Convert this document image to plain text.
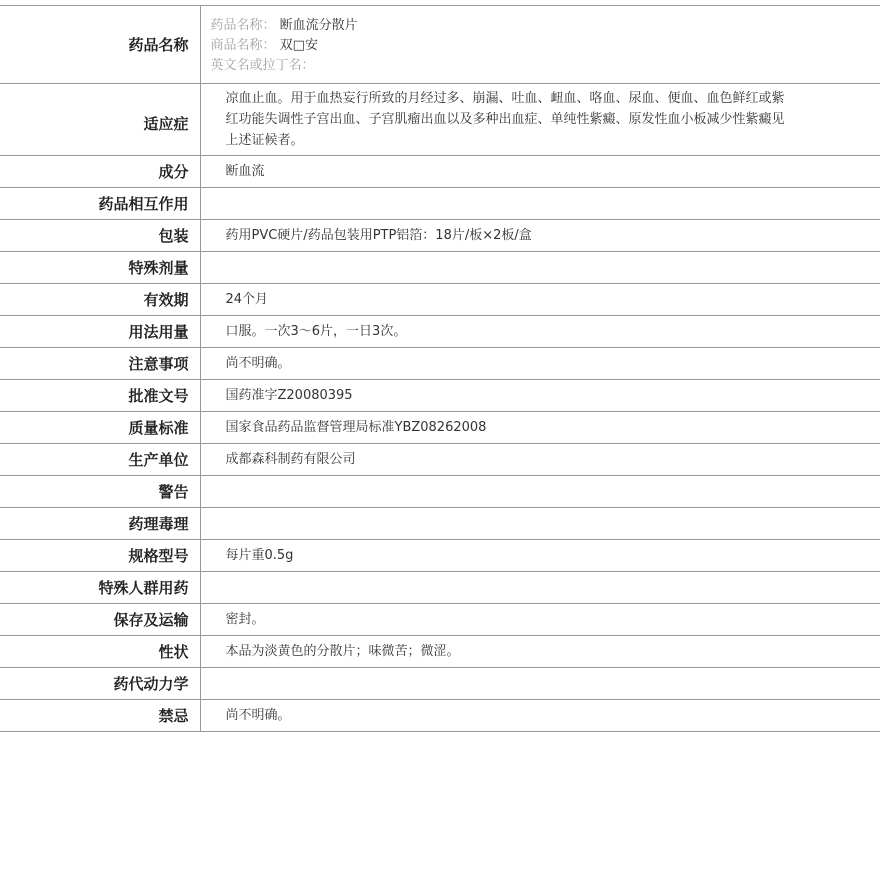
药品名称	药品名称： 断血流分散片
商品名称： 双□安
英文名或拉丁名：

适应症	凉血止血。用于血热妄行所致的月经过多、崩漏、吐血、衄血、咯血、尿血、便血、血色鲜红或紫红功能失调性子宫出血、子宫肌瘤出血以及多种出血症、单纯性紫癜、原发性血小板减少性紫癜见上述证候者。
成分	断血流
药品相互作用	
包装	药用PVC硬片/药品包装用PTP铝箔：18片/板×2板/盒
特殊剂量	
有效期	24个月
用法用量	口服。一次3～6片，一日3次。
注意事项	尚不明确。
批准文号	国药准字Z20080395
质量标准	国家食品药品监督管理局标准YBZ08262008
生产单位	成都森科制药有限公司
警告	
药理毒理	
规格型号	每片重0.5g
特殊人群用药	
保存及运输	密封。
性状	本品为淡黄色的分散片；味微苦；微涩。
药代动力学	
禁忌	尚不明确。
